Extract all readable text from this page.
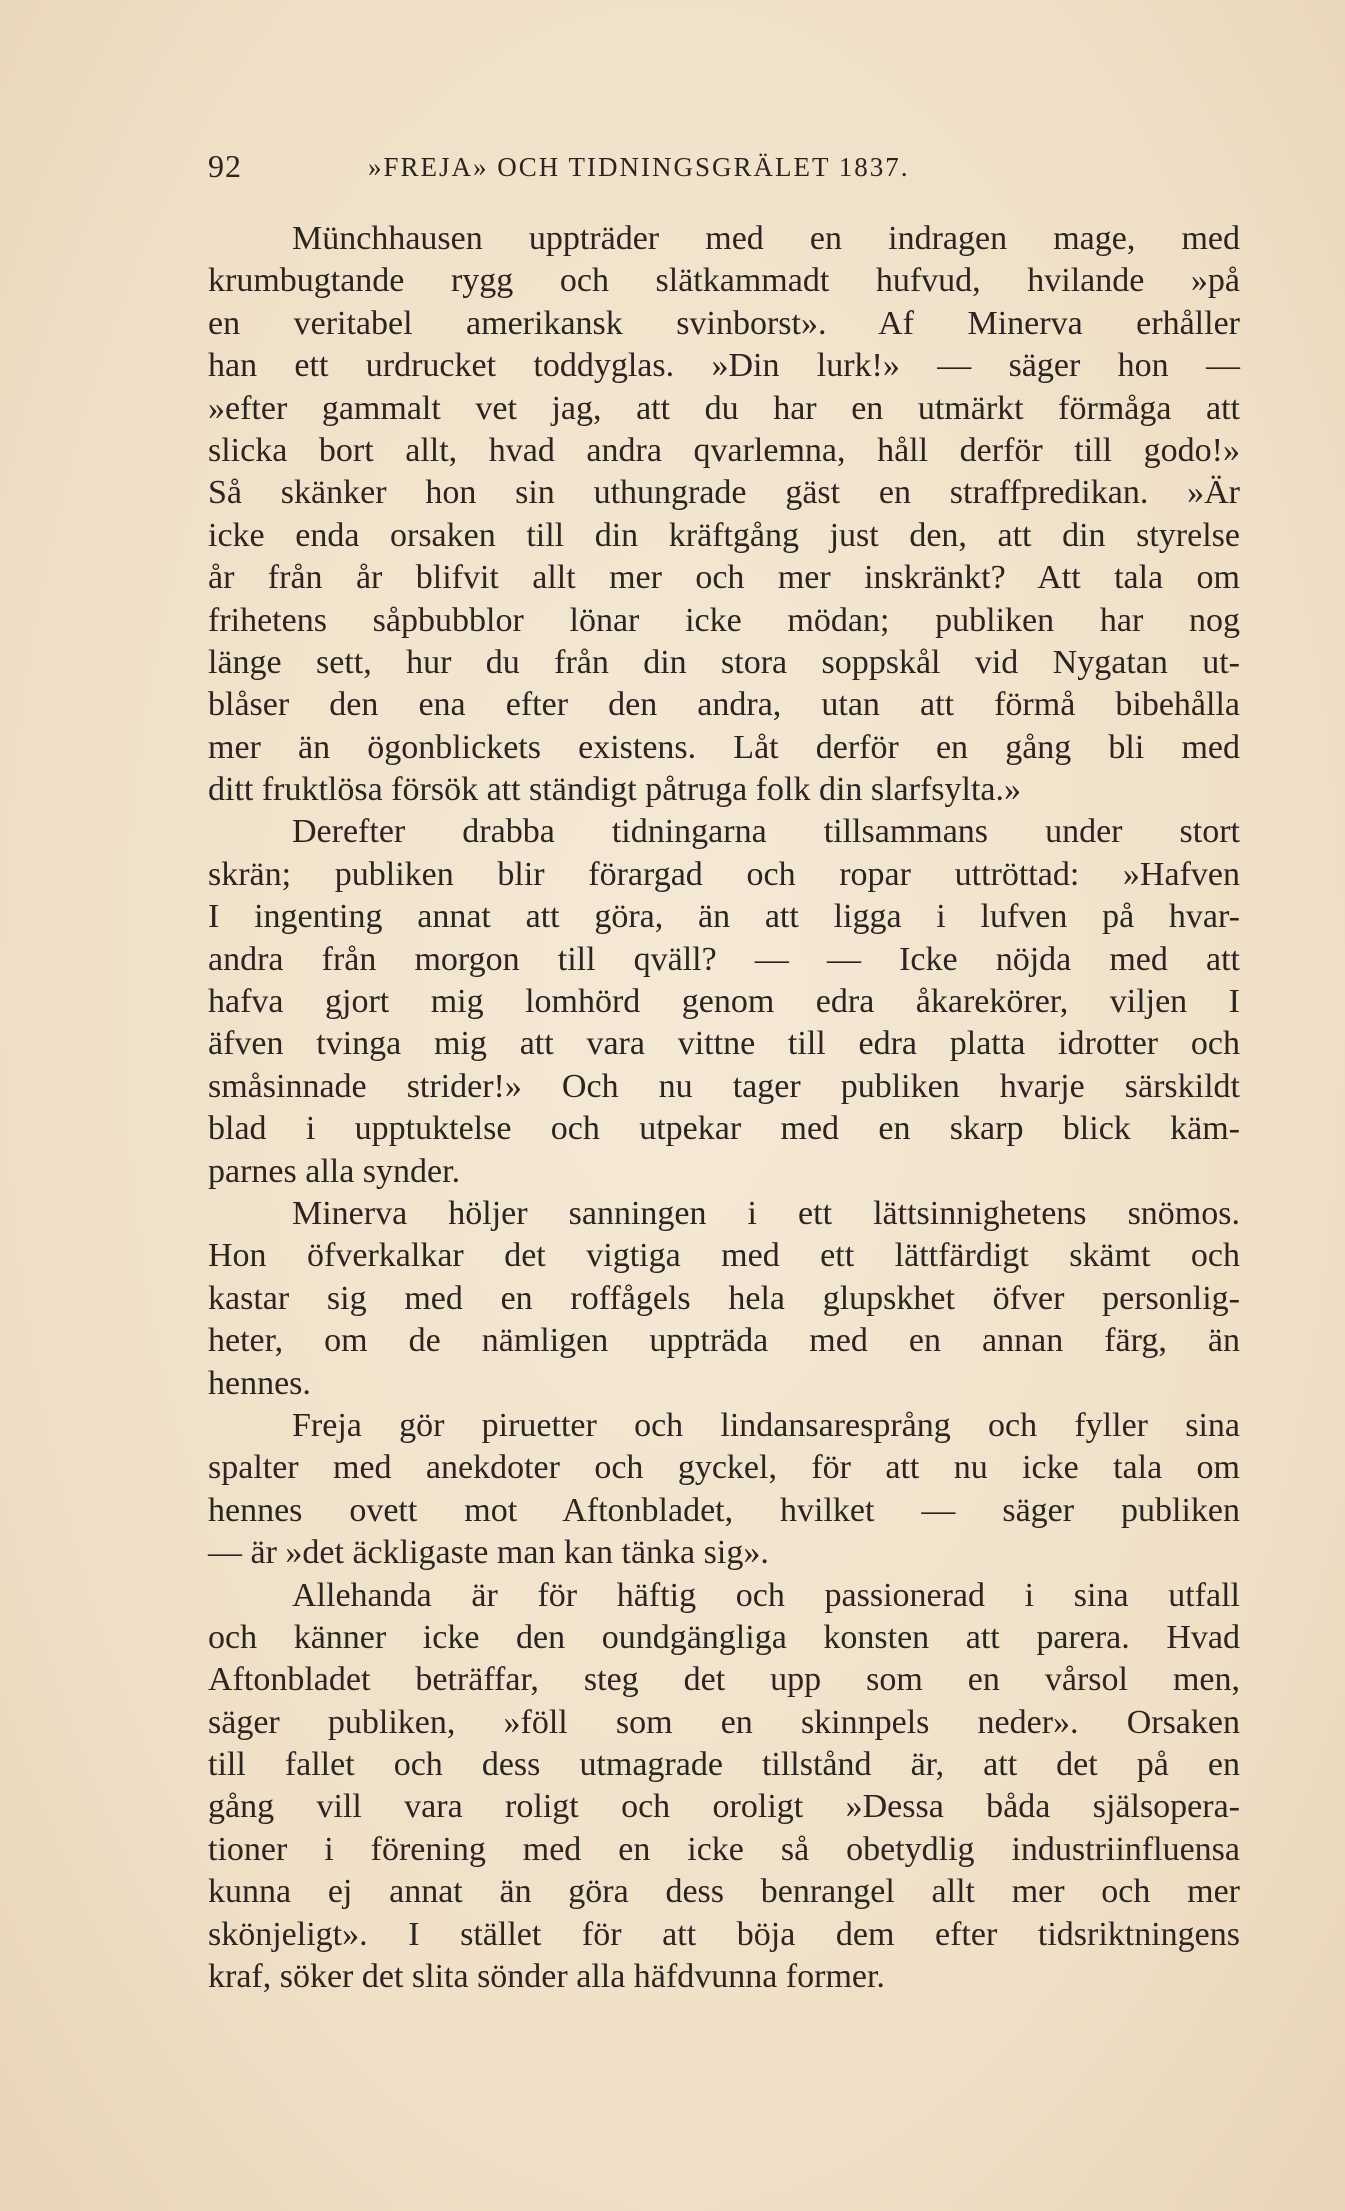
92	»FREJA» OCH TIDNINGSGRÄLET 1837.
Münchhausen uppträder med en indragen mage, med
krumbugtande rygg och slätkammadt hufvud, hvilande »på
en veritabel amerikansk svinborst». Af Minerva erhåller
han ett urdrucket toddyglas. »Din lurk!» — säger hon —
»efter gammalt vet jag, att du har en utmärkt förmåga att
slicka bort allt, hvad andra qvarlemna, håll derför till godo!»
Så skänker hon sin uthungrade gäst en straffpredikan. »Är
icke enda orsaken till din kräftgång just den, att din styrelse
år från år blifvit allt mer och mer inskränkt? Att tala om
frihetens såpbubblor lönar icke mödan; publiken har nog
länge sett, hur du från din stora soppskål vid Nygatan ut-
blåser den ena efter den andra, utan att förmå bibehålla
mer än ögonblickets existens. Låt derför en gång bli med
ditt fruktlösa försök att ständigt påtruga folk din slarfsylta.»
Derefter drabba tidningarna tillsammans under stort
skrän; publiken blir förargad och ropar uttröttad: »Hafven
I ingenting annat att göra, än att ligga i lufven på hvar-
andra från morgon till qväll? — — Icke nöjda med att
hafva gjort mig lomhörd genom edra åkarekörer, viljen I
äfven tvinga mig att vara vittne till edra platta idrotter och
småsinnade strider!» Och nu tager publiken hvarje särskildt
blad i upptuktelse och utpekar med en skarp blick käm-
parnes alla synder.
Minerva höljer sanningen i ett lättsinnighetens snömos.
Hon öfverkalkar det vigtiga med ett lättfärdigt skämt och
kastar sig med en roffågels hela glupskhet öfver personlig-
heter, om de nämligen uppträda med en annan färg, än
hennes.
Freja gör piruetter och lindansaresprång och fyller sina
spalter med anekdoter och gyckel, för att nu icke tala om
hennes ovett mot Aftonbladet, hvilket — säger publiken
— är »det äckligaste man kan tänka sig».
Allehanda är för häftig och passionerad i sina utfall
och känner icke den oundgängliga konsten att parera. Hvad
Aftonbladet beträffar, steg det upp som en vårsol men,
säger publiken, »föll som en skinnpels neder». Orsaken
till fallet och dess utmagrade tillstånd är, att det på en
gång vill vara roligt och oroligt »Dessa båda själsopera-
tioner i förening med en icke så obetydlig industriinfluensa
kunna ej annat än göra dess benrangel allt mer och mer
skönjeligt». I stället för att böja dem efter tidsriktningens
kraf, söker det slita sönder alla häfdvunna former.
